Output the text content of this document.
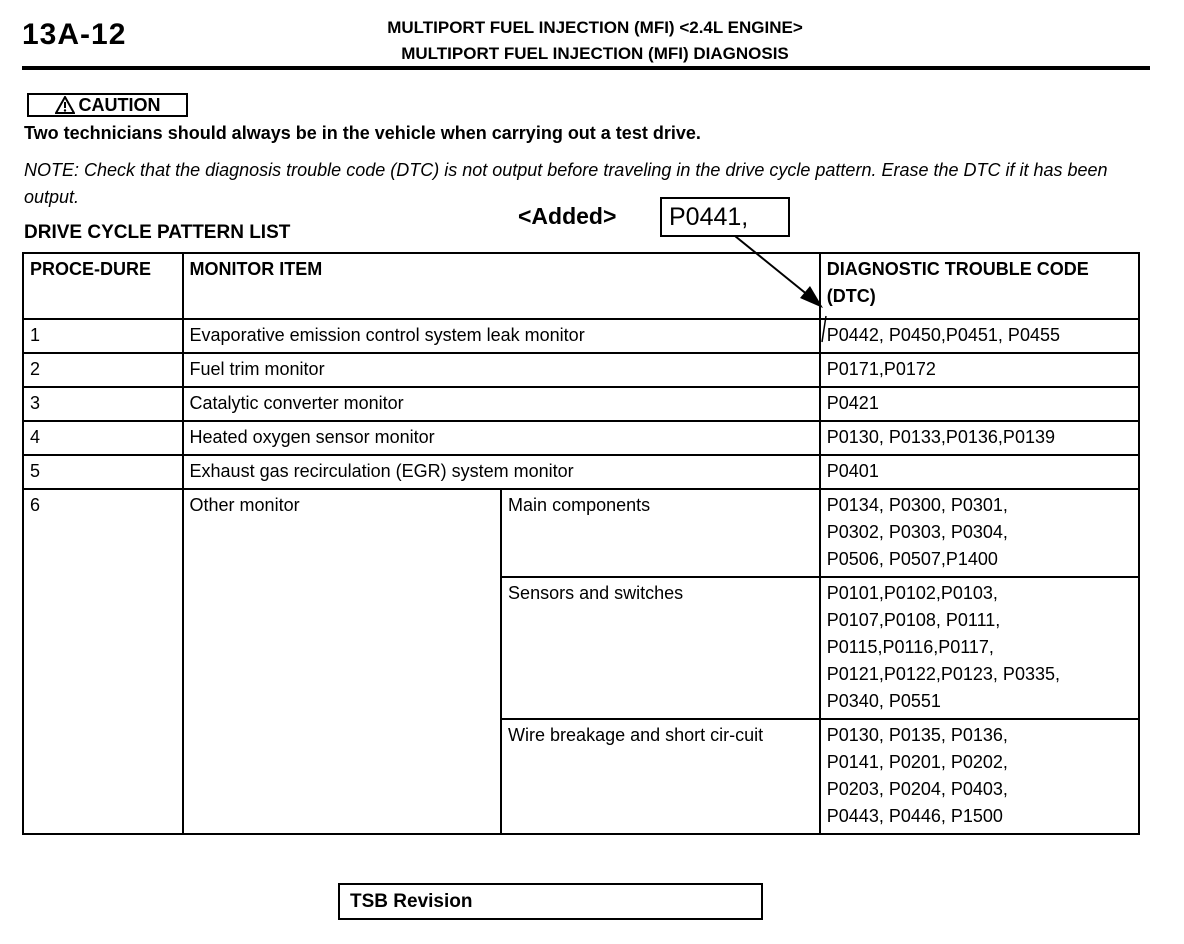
13A-12	MULTIPORT FUEL INJECTION (MFI) <2.4L ENGINE>
MULTIPORT FUEL INJECTION (MFI) DIAGNOSIS
CAUTION
Two technicians should always be in the vehicle when carrying out a test drive.
NOTE: Check that the diagnosis trouble code (DTC) is not output before traveling in the drive cycle pattern. Erase the DTC if it has been output.
<Added>	P0441,
DRIVE CYCLE PATTERN LIST
PROCE-DURE	MONITOR ITEM		DIAGNOSTIC TROUBLE CODE (DTC)
1	Evaporative emission control system leak monitor		P0442, P0450,P0451, P0455
2	Fuel trim monitor		P0171,P0172
3	Catalytic converter monitor		P0421
4	Heated oxygen sensor monitor		P0130, P0133,P0136,P0139
5	Exhaust gas recirculation (EGR) system monitor		P0401
6	Other monitor	Main components	P0134, P0300, P0301,
P0302, P0303, P0304,
P0506, P0507,P1400

		Sensors and switches	P0101,P0102,P0103,
P0107,P0108, P0111,
P0115,P0116,P0117,
P0121,P0122,P0123, P0335,
P0340, P0551

		Wire breakage and short cir-cuit	P0130, P0135, P0136,
P0141, P0201, P0202,
P0203, P0204, P0403,
P0443, P0446, P1500
TSB Revision
